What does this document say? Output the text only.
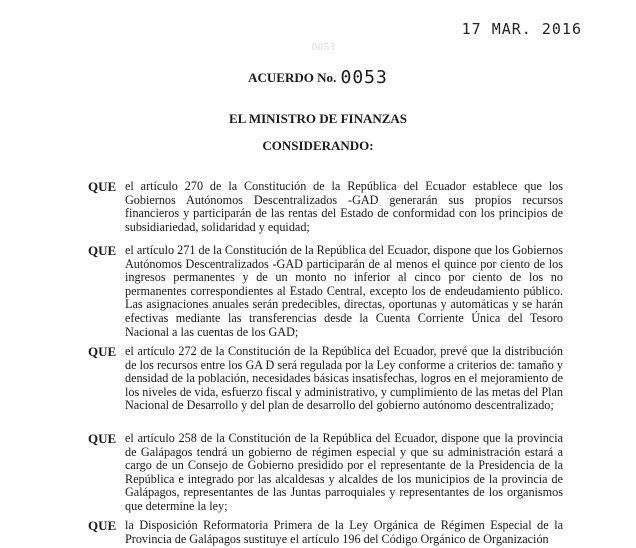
17 MAR. 2016
0053
ACUERDO No. 0053
EL MINISTRO DE FINANZAS
CONSIDERANDO:
QUE el artículo 270 de la Constitución de la República del Ecuador establece que los Gobiernos Autónomos Descentralizados -GAD generarán sus propios recursos financieros y participarán de las rentas del Estado de conformidad con los principios de subsidiariedad, solidaridad y equidad;
QUE el artículo 271 de la Constitución de la República del Ecuador, dispone que los Gobiernos Autónomos Descentralizados -GAD participarán de al menos el quince por ciento de los ingresos permanentes y de un monto no inferior al cinco por ciento de los no permanentes correspondientes al Estado Central, excepto los de endeudamiento público. Las asignaciones anuales serán predecibles, directas, oportunas y automáticas y se harán efectivas mediante las transferencias desde la Cuenta Corriente Única del Tesoro Nacional a las cuentas de los GAD;
QUE el artículo 272 de la Constitución de la República del Ecuador, prevé que la distribución de los recursos entre los GA D será regulada por la Ley conforme a criterios de: tamaño y densidad de la población, necesidades básicas insatisfechas, logros en el mejoramiento de los niveles de vida, esfuerzo fiscal y administrativo, y cumplimiento de las metas del Plan Nacional de Desarrollo y del plan de desarrollo del gobierno autónomo descentralizado;
QUE el artículo 258 de la Constitución de la República del Ecuador, dispone que la provincia de Galápagos tendrá un gobierno de régimen especial y que su administración estará a cargo de un Consejo de Gobierno presidido por el representante de la Presidencia de la República e integrado por las alcaldesas y alcaldes de los municipios de la provincia de Galápagos, representantes de las Juntas parroquiales y representantes de los organismos que determine la ley;
QUE la Disposición Reformatoria Primera de la Ley Orgánica de Régimen Especial de la Provincia de Galápagos sustituye el artículo 196 del Código Orgánico de Organización
